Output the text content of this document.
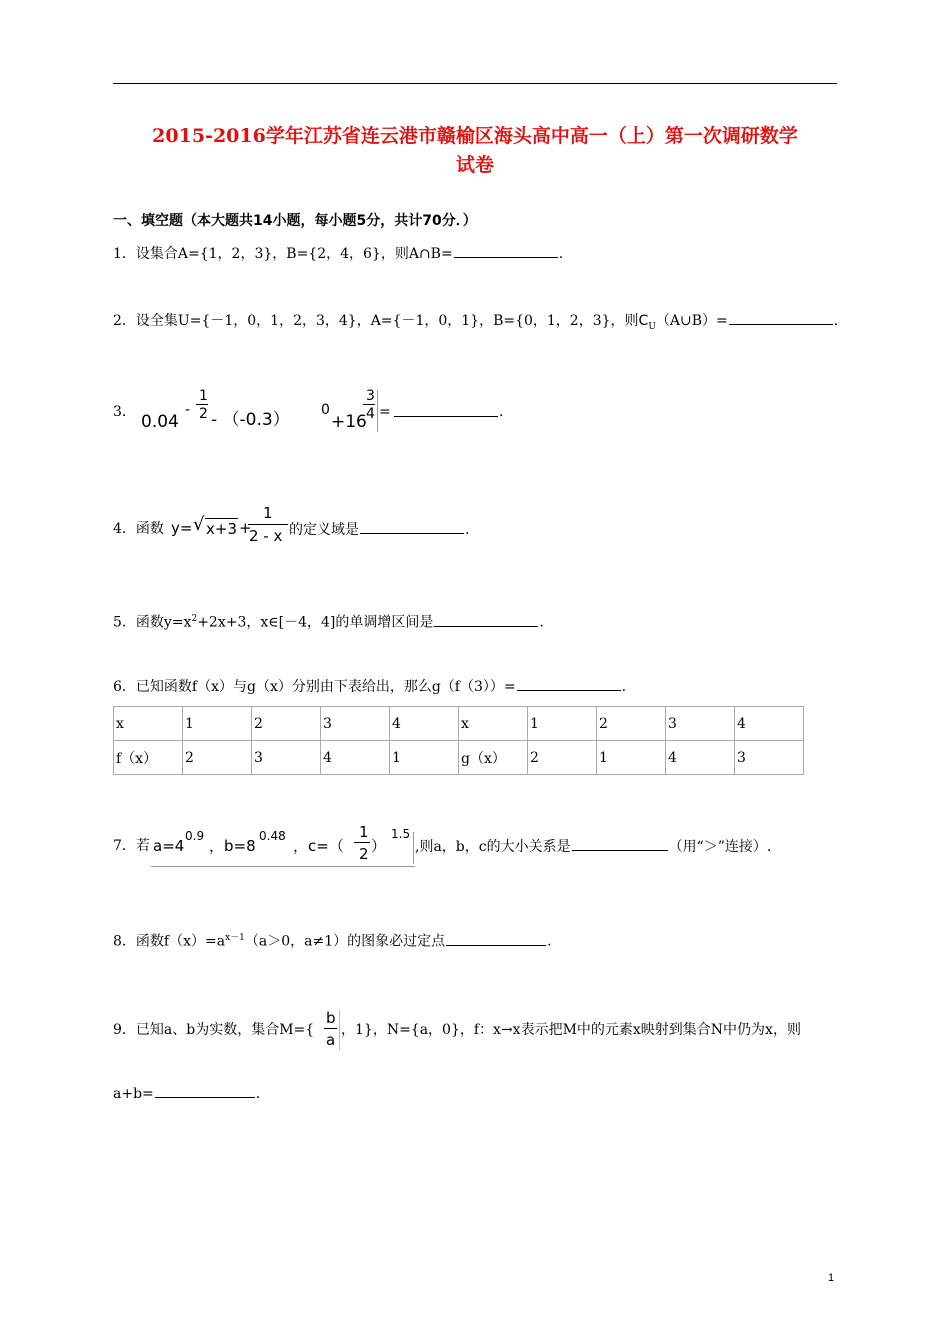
2015-2016学年江苏省连云港市赣榆区海头高中高一（上）第一次调研数学
试卷
一、填空题（本大题共14小题，每小题5分，共计70分．）
1．设集合A={1，2，3}，B={2，4，6}，则A∩B=	.
2．设全集U={－1，0，1，2，3，4}，A={－1，0，1}，B={0，1，2，3}，则$C_U(A\cup B)=$	.
3． 0.04
-
1
2 - （-0.3） 0
+16
3
4 =	.
4．函数 y= √ x+3 +
1
2 - x 的定义域是	.
5．函数$y=x^2+2x+3$，x∈[－4，4]的单调增区间是	.
6．已知函数f（x）与g（x）分别由下表给出，那么g（f（3））=	.
x	1	2	3	4	x	1	2	3	4
f（x）	2	3	4	1	g（x）	2	1	4	3
7．若 a=4
0.9
，b=8
0.48
，c=（
1
2 ）
1.5
,则a，b，c的大小关系是	（用“＞”连接）.
8．函数$f(x)=a^{x-1}(a>0$，a≠1）的图象必过定点	.
9．已知a、b为实数，集合M={
b
a
，1}，N={a，0}，f：x→x表示把M中的元素x映射到集合N中仍为x，则
a+b=	.
1
